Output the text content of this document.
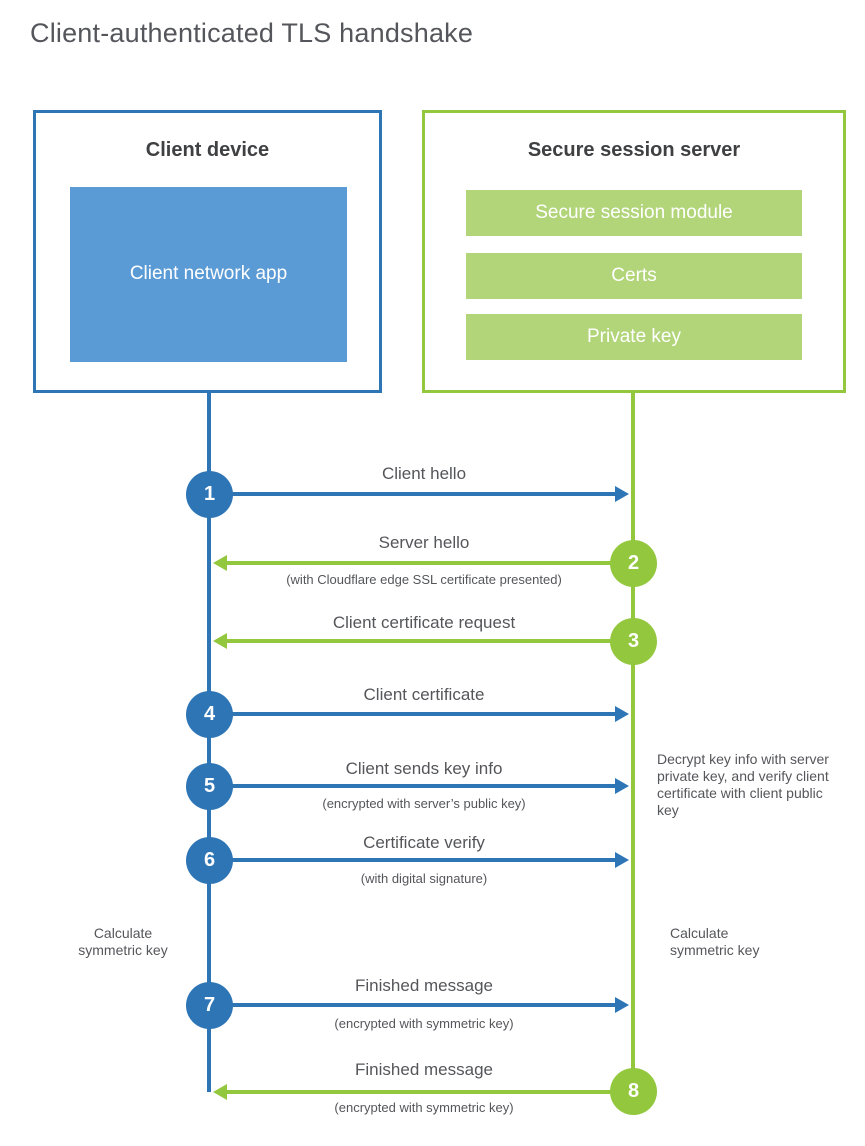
Client-authenticated TLS handshake
Client device
Client network app
Secure session server
Secure session module
Certs
Private key
Client hello
1
Server hello
(with Cloudflare edge SSL certificate presented)
2
Client certificate request
3
Client certificate
4
Client sends key info
(encrypted with server’s public key)
5
Certificate verify
(with digital signature)
6
Finished message
(encrypted with symmetric key)
7
Finished message
(encrypted with symmetric key)
8
Decrypt key info with server private key, and verify client certificate with client public key
Calculate symmetric key
Calculate symmetric key
